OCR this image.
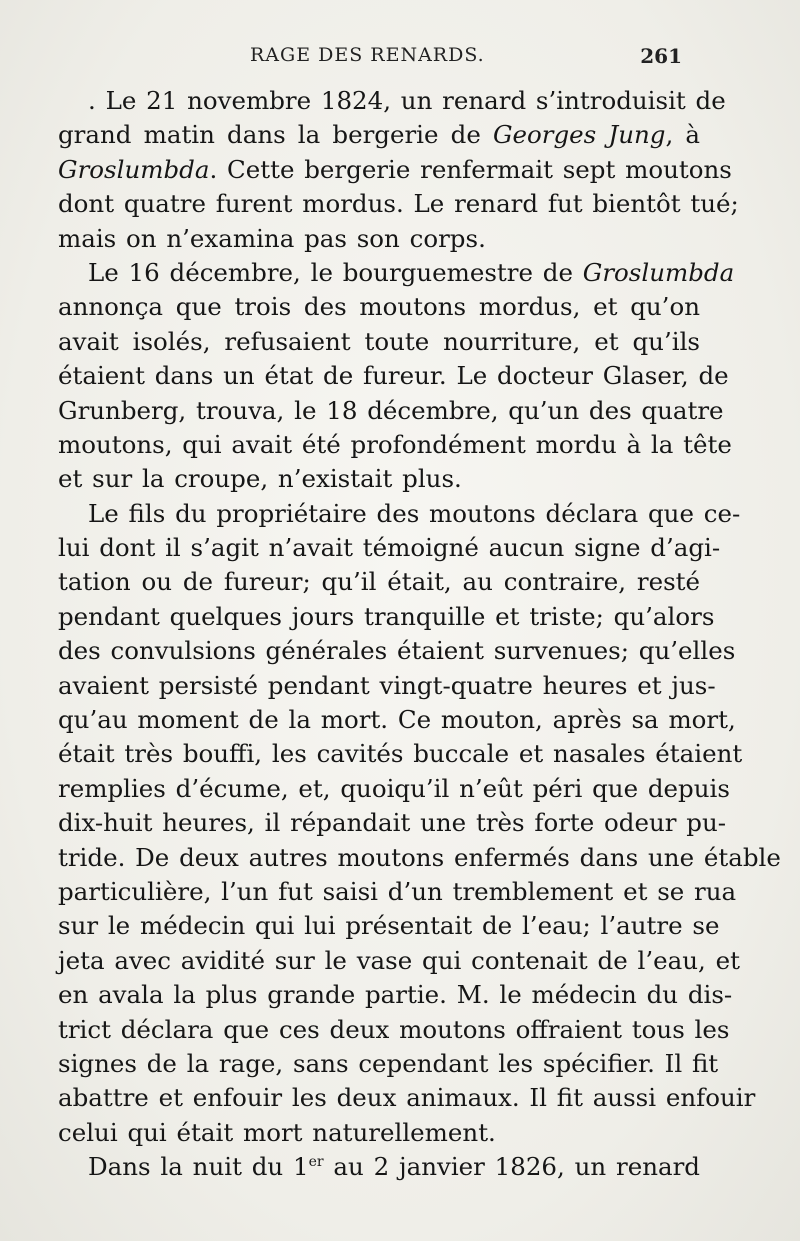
RAGE DES RENARDS.	261
. Le 21 novembre 1824, un renard s’introduisit de
grand matin dans la bergerie de Georges Jung, à
Groslumbda. Cette bergerie renfermait sept moutons
dont quatre furent mordus. Le renard fut bientôt tué;
mais on n’examina pas son corps.
Le 16 décembre, le bourguemestre de Groslumbda
annonça que trois des moutons mordus, et qu’on
avait isolés, refusaient toute nourriture, et qu’ils
étaient dans un état de fureur. Le docteur Glaser, de
Grunberg, trouva, le 18 décembre, qu’un des quatre
moutons, qui avait été profondément mordu à la tête
et sur la croupe, n’existait plus.
Le fils du propriétaire des moutons déclara que ce-
lui dont il s’agit n’avait témoigné aucun signe d’agi-
tation ou de fureur; qu’il était, au contraire, resté
pendant quelques jours tranquille et triste; qu’alors
des convulsions générales étaient survenues; qu’elles
avaient persisté pendant vingt-quatre heures et jus-
qu’au moment de la mort. Ce mouton, après sa mort,
était très bouffi, les cavités buccale et nasales étaient
remplies d’écume, et, quoiqu’il n’eût péri que depuis
dix-huit heures, il répandait une très forte odeur pu-
tride. De deux autres moutons enfermés dans une étable
particulière, l’un fut saisi d’un tremblement et se rua
sur le médecin qui lui présentait de l’eau; l’autre se
jeta avec avidité sur le vase qui contenait de l’eau, et
en avala la plus grande partie. M. le médecin du dis-
trict déclara que ces deux moutons offraient tous les
signes de la rage, sans cependant les spécifier. Il fit
abattre et enfouir les deux animaux. Il fit aussi enfouir
celui qui était mort naturellement.
Dans la nuit du 1er au 2 janvier 1826, un renard
